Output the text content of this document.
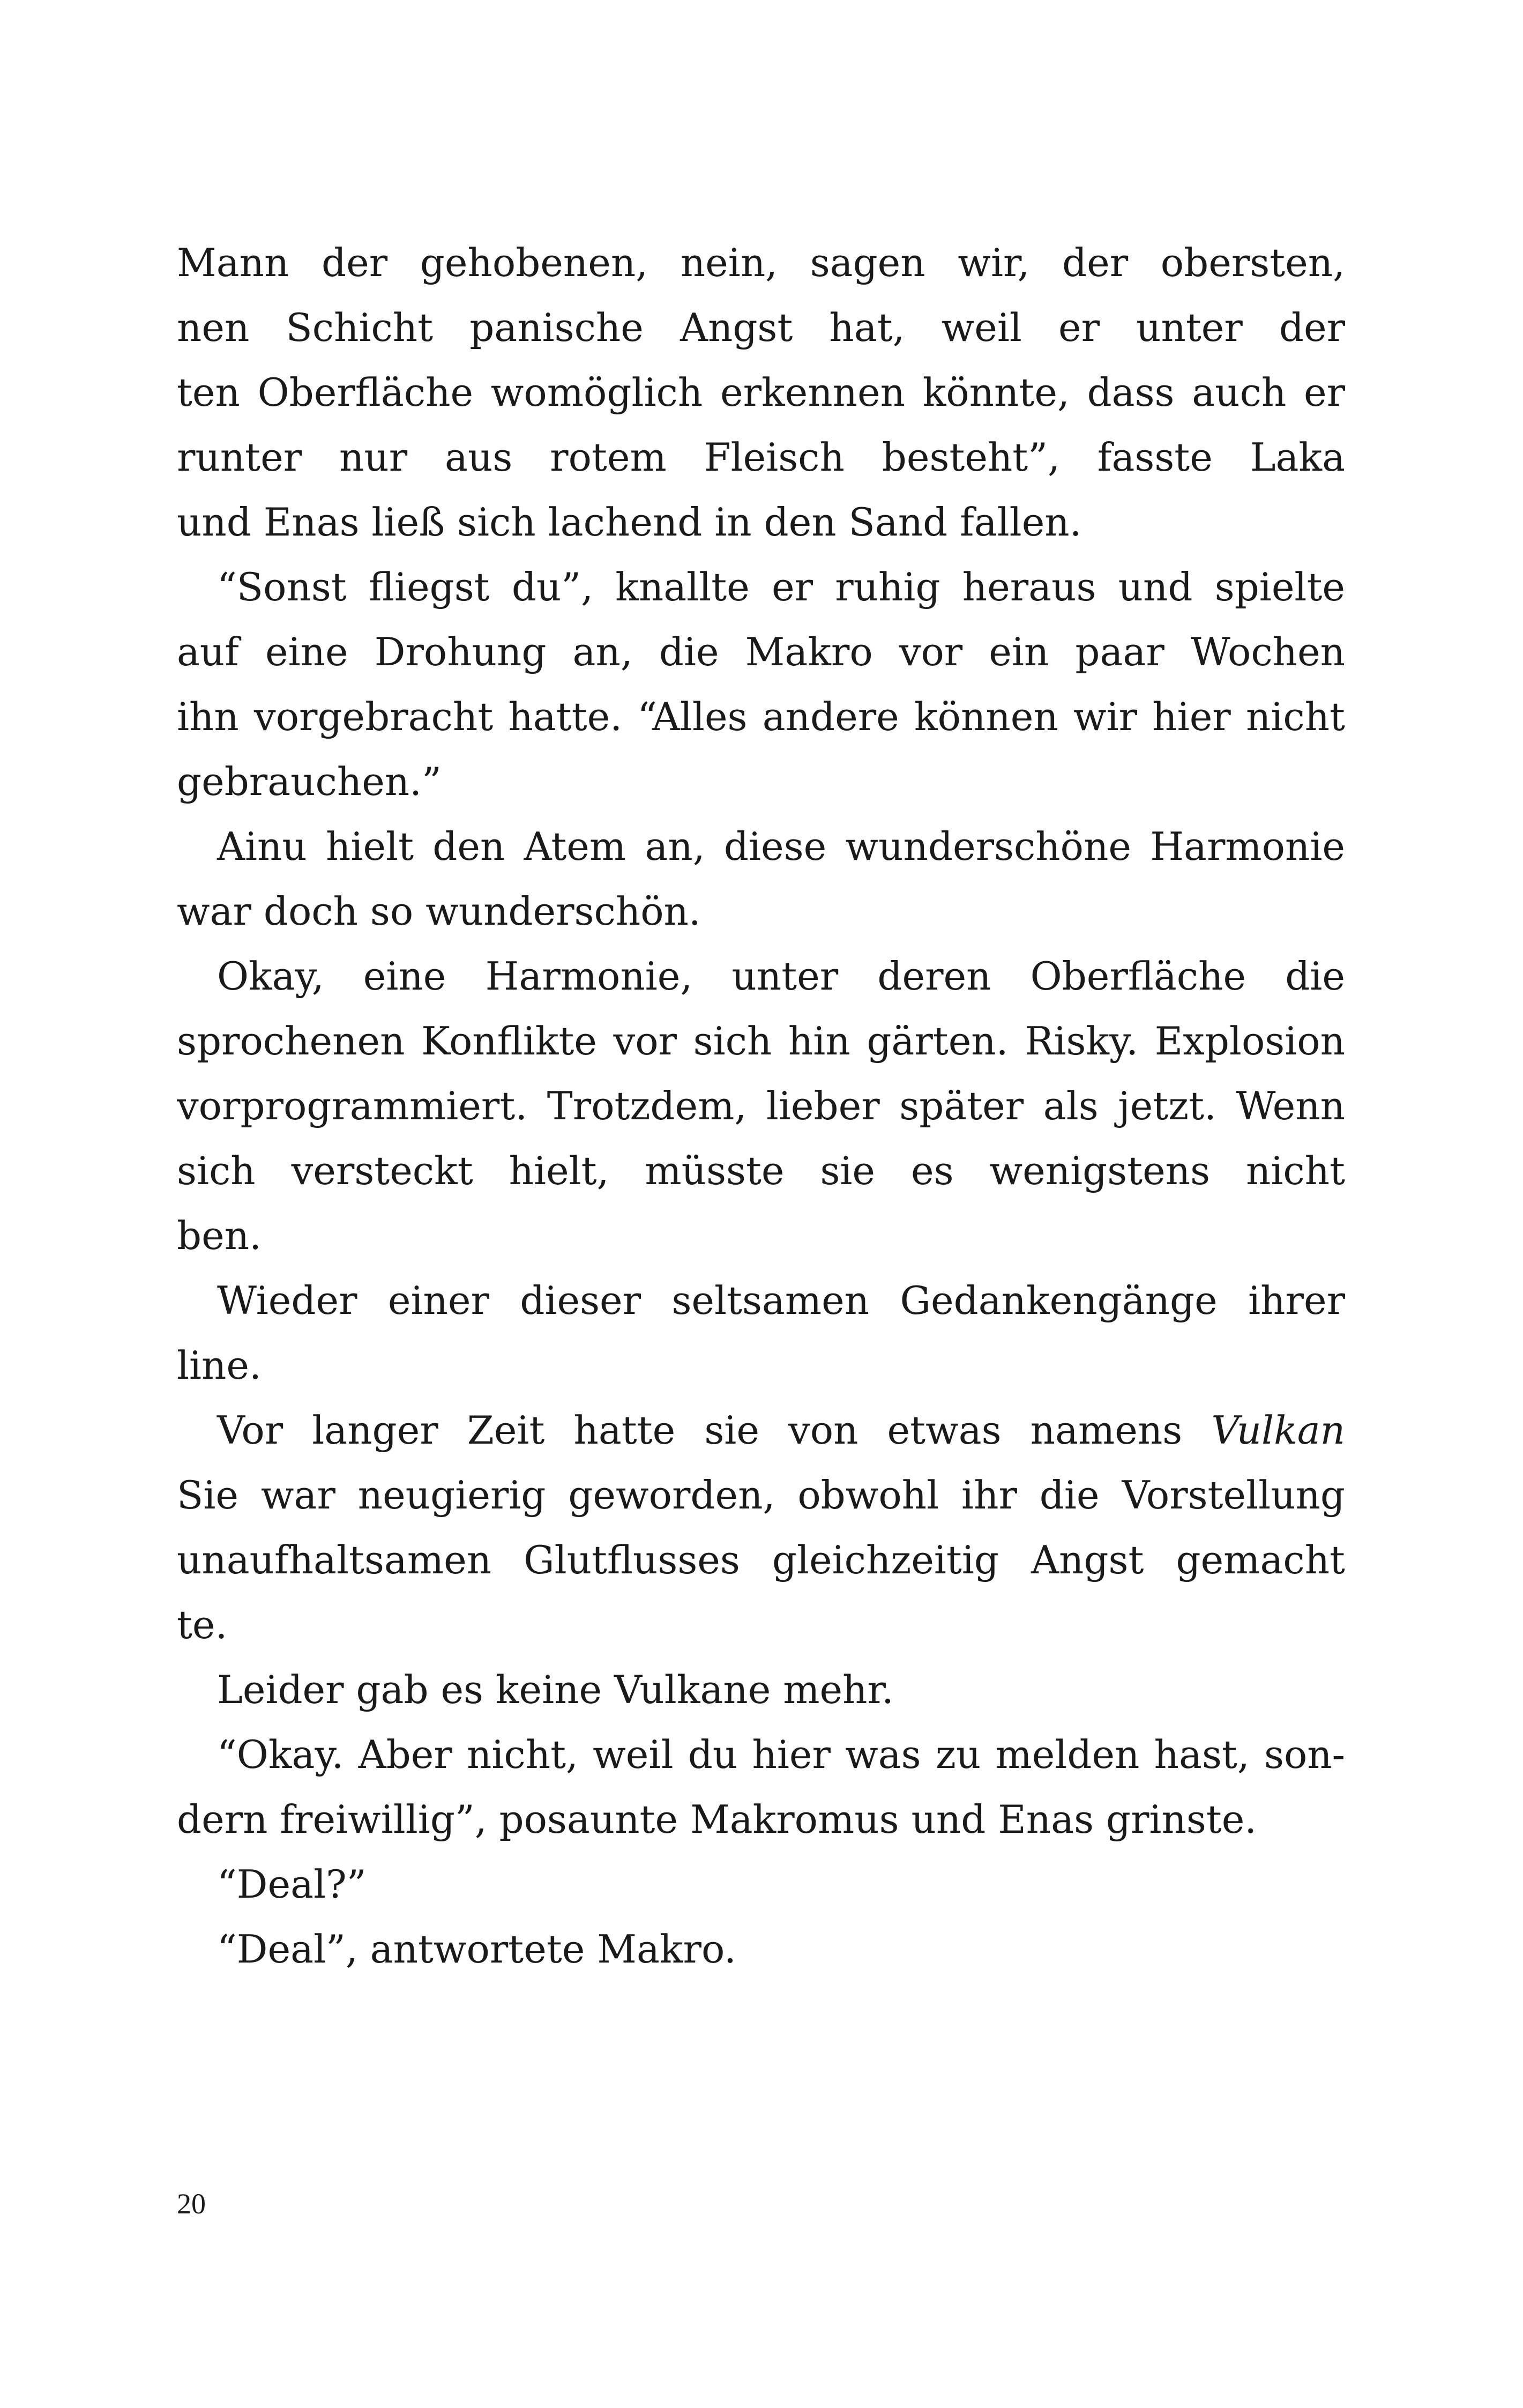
Mann der gehobenen, nein, sagen wir, der obersten,
nen Schicht panische Angst hat, weil er unter der
ten Oberfläche womöglich erkennen könnte, dass auch er
runter nur aus rotem Fleisch besteht”, fasste Laka
und Enas ließ sich lachend in den Sand fallen.
“Sonst fliegst du”, knallte er ruhig heraus und spielte
auf eine Drohung an, die Makro vor ein paar Wochen
ihn vorgebracht hatte. “Alles andere können wir hier nicht
gebrauchen.”
Ainu hielt den Atem an, diese wunderschöne Harmonie
war doch so wunderschön.
Okay, eine Harmonie, unter deren Oberfläche die
sprochenen Konflikte vor sich hin gärten. Risky. Explosion
vorprogrammiert. Trotzdem, lieber später als jetzt. Wenn
sich versteckt hielt, müsste sie es wenigstens nicht
ben.
Wieder einer dieser seltsamen Gedankengänge ihrer
line.
Vor langer Zeit hatte sie von etwas namens Vulkan
Sie war neugierig geworden, obwohl ihr die Vorstellung
unaufhaltsamen Glutflusses gleichzeitig Angst gemacht
te.
Leider gab es keine Vulkane mehr.
“Okay. Aber nicht, weil du hier was zu melden hast, son-
dern freiwillig”, posaunte Makromus und Enas grinste.
“Deal?”
“Deal”, antwortete Makro.
20
